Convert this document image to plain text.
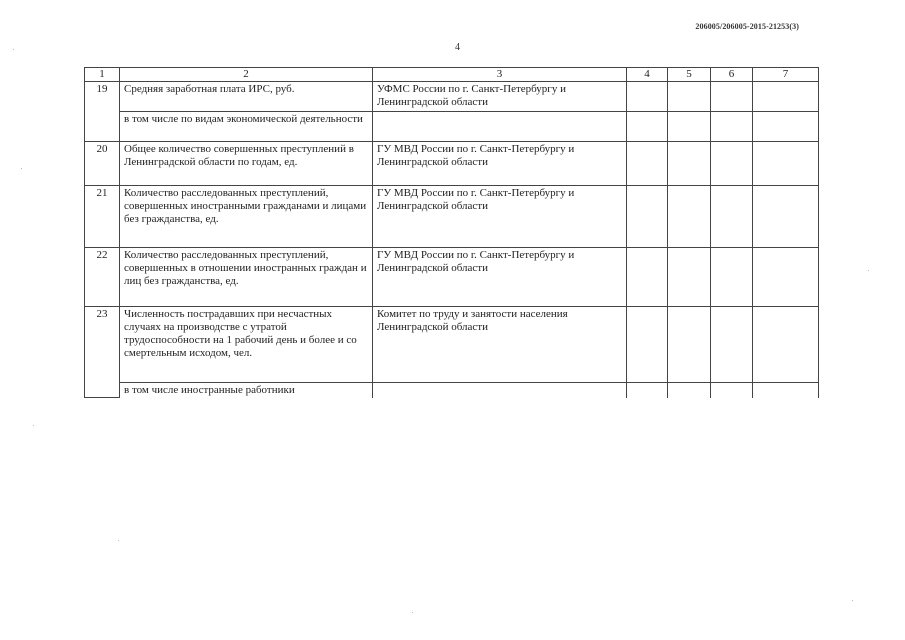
206005/206005-2015-21253(3)
4
1	2	3	4	5	6	7
19	Средняя заработная плата ИРС, руб.	УФМС России по г. Санкт-Петербургу и Ленинградской области				
	в том числе по видам экономической деятельности					
20	Общее количество совершенных преступлений в Ленинградской области по годам, ед.	ГУ МВД России по г. Санкт-Петербургу и Ленинградской области				
21	Количество расследованных преступлений, совершенных иностранными гражданами и лицами без гражданства, ед.	ГУ МВД России по г. Санкт-Петербургу и Ленинградской области				
22	Количество расследованных преступлений, совершенных в отношении иностранных граждан и лиц без гражданства, ед.	ГУ МВД России по г. Санкт-Петербургу и Ленинградской области				
23	Численность пострадавших при несчастных случаях на производстве с утратой трудоспособности на 1 рабочий день и более и со смертельным исходом, чел.	Комитет по труду и занятости населения Ленинградской области				
	в том числе иностранные работники					
